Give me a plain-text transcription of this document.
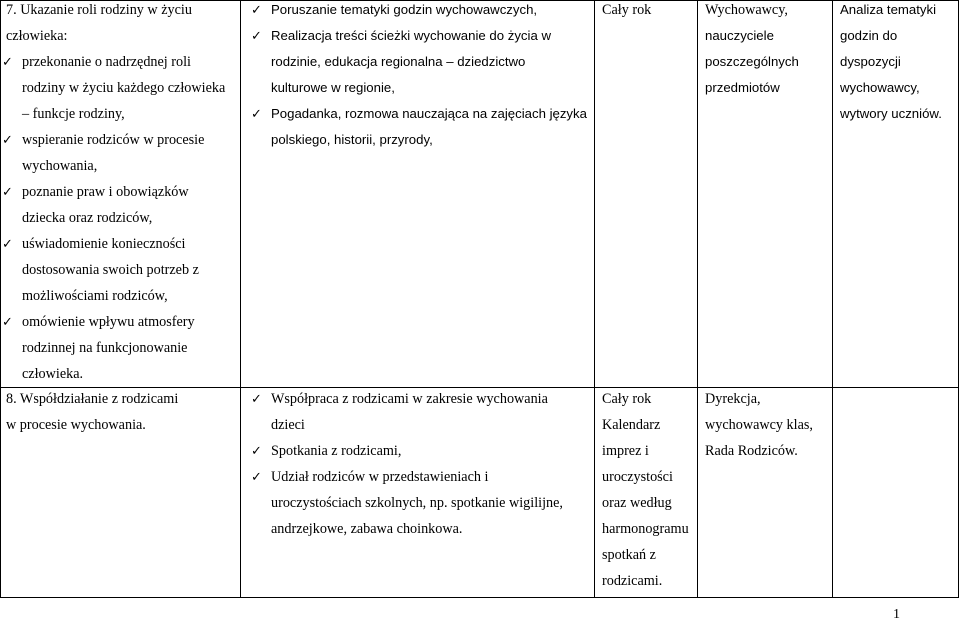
7. Ukazanie roli rodziny w życiu
człowieka:
✓ przekonanie o nadrzędnej roli
rodziny w życiu każdego człowieka
– funkcje rodziny,
✓ wspieranie rodziców w procesie
wychowania,
✓ poznanie praw i obowiązków
dziecka oraz rodziców,
✓ uświadomienie konieczności
dostosowania swoich potrzeb z
możliwościami rodziców,
✓ omówienie wpływu atmosfery
rodzinnej na funkcjonowanie
człowieka.
✓ Poruszanie tematyki godzin wychowawczych,
✓ Realizacja treści ścieżki wychowanie do życia w
rodzinie, edukacja regionalna – dziedzictwo
kulturowe w regionie,
✓ Pogadanka, rozmowa nauczająca na zajęciach języka
polskiego, historii, przyrody,
Cały rok	Wychowawcy,
nauczyciele
poszczególnych
przedmiotów
Analiza tematyki
godzin do
dyspozycji
wychowawcy,
wytwory uczniów.
8. Współdziałanie z rodzicami
w procesie wychowania.
✓ Współpraca z rodzicami w zakresie wychowania
dzieci
✓ Spotkania z rodzicami,
✓ Udział rodziców w przedstawieniach i
uroczystościach szkolnych, np. spotkanie wigilijne,
andrzejkowe, zabawa choinkowa.
Cały rok
Kalendarz
imprez i
uroczystości
oraz według
harmonogramu
spotkań z
rodzicami.
Dyrekcja,
wychowawcy klas,
Rada Rodziców.
1
